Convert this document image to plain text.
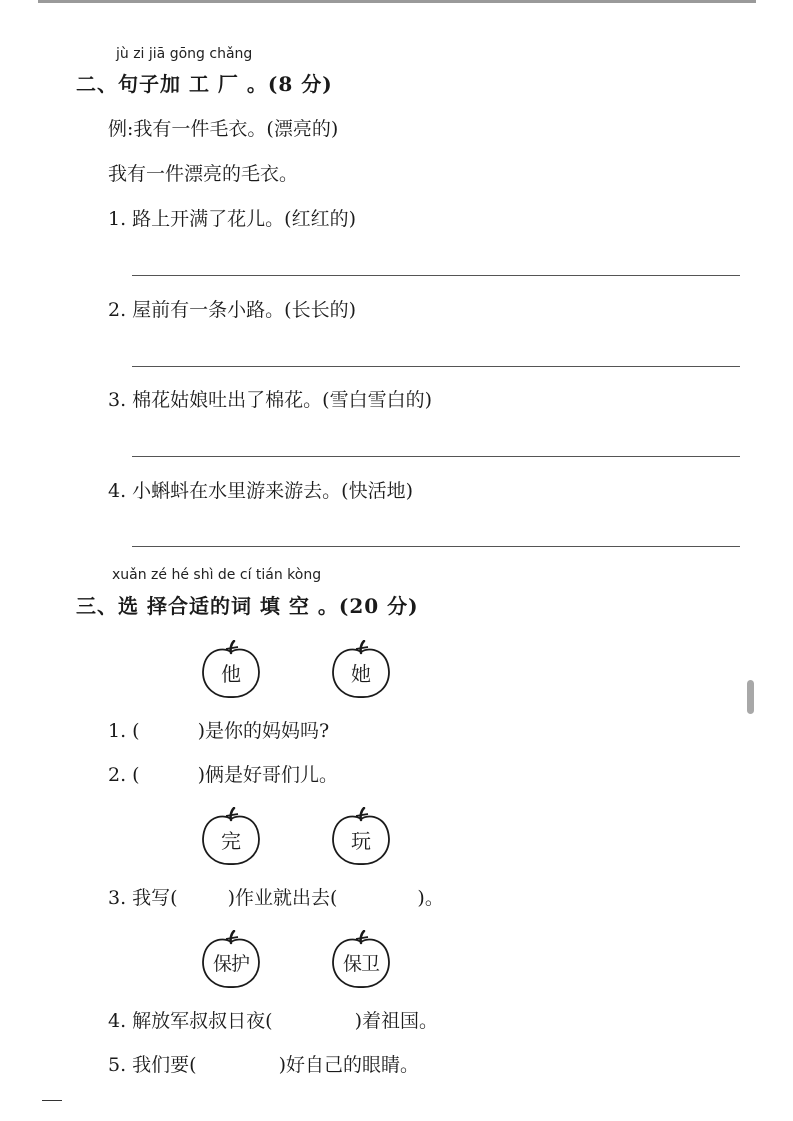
jù zi jiā gōng chǎng
二、句子加 工 厂 。(8 分)
例:我有一件毛衣。(漂亮的)
我有一件漂亮的毛衣。
1. 路上开满了花儿。(红红的)
2. 屋前有一条小路。(长长的)
3. 棉花姑娘吐出了棉花。(雪白雪白的)
4. 小蝌蚪在水里游来游去。(快活地)
xuǎn zé hé shì de cí tián kòng
三、选 择合适的词 填 空 。(20 分)
他	她
1. (	)是你的妈妈吗?
2. (	)俩是好哥们儿。
完	玩
3. 我写(	)作业就出去(	)。
保护	保卫
4. 解放军叔叔日夜(	)着祖国。
5. 我们要(	)好自己的眼睛。
